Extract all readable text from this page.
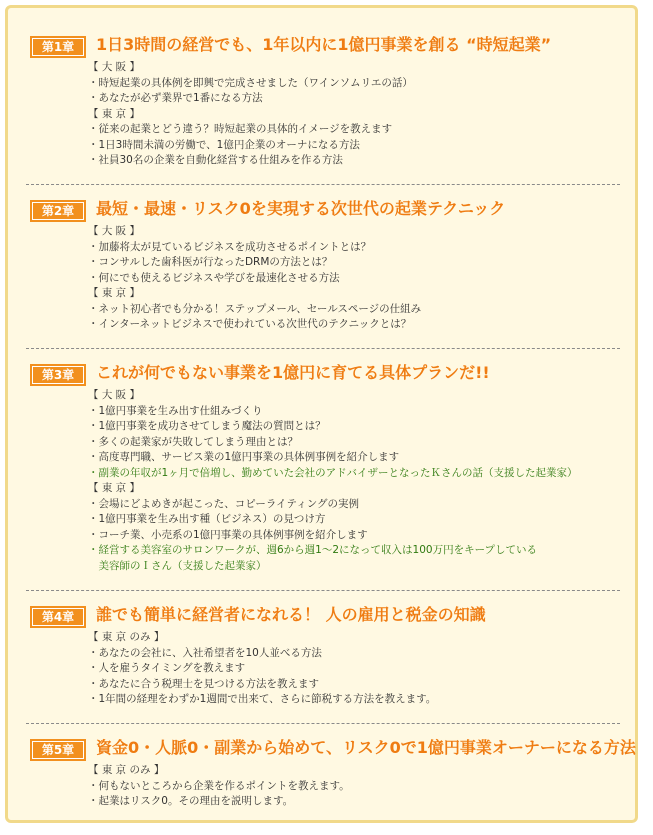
第1章	1日3時間の経営でも、1年以内に1億円事業を創る “時短起業”
【 大 阪 】
・時短起業の具体例を即興で完成させました（ワインソムリエの話）
・あなたが必ず業界で1番になる方法
【 東 京 】
・従来の起業とどう違う？時短起業の具体的イメージを教えます
・1日3時間未満の労働で、1億円企業のオーナになる方法
・社員30名の企業を自動化経営する仕組みを作る方法
第2章	最短・最速・リスク0を実現する次世代の起業テクニック
【 大 阪 】
・加藤将太が見ているビジネスを成功させるポイントとは？
・コンサルした歯科医が行なったDRMの方法とは？
・何にでも使えるビジネスや学びを最速化させる方法
【 東 京 】
・ネット初心者でも分かる！ステップメール、セールスページの仕組み
・インターネットビジネスで使われている次世代のテクニックとは？
第3章	これが何でもない事業を1億円に育てる具体プランだ!!
【 大 阪 】
・1億円事業を生み出す仕組みづくり
・1億円事業を成功させてしまう魔法の質問とは？
・多くの起業家が失敗してしまう理由とは？
・高度専門職、サービス業の1億円事業の具体例事例を紹介します
・副業の年収が1ヶ月で倍増し、勤めていた会社のアドバイザーとなったＫさんの話（支援した起業家）
【 東 京 】
・会場にどよめきが起こった、コピーライティングの実例
・1億円事業を生み出す種（ビジネス）の見つけ方
・コーチ業、小売系の1億円事業の具体例事例を紹介します
・経営する美容室のサロンワークが、週6から週1～2になって収入は100万円をキープしている
　美容師のＩさん（支援した起業家）
第4章	誰でも簡単に経営者になれる！ 人の雇用と税金の知識
【 東 京 のみ 】
・あなたの会社に、入社希望者を10人並べる方法
・人を雇うタイミングを教えます
・あなたに合う税理士を見つける方法を教えます
・1年間の経理をわずか1週間で出来て、さらに節税する方法を教えます。
第5章	資金0・人脈0・副業から始めて、リスク0で1億円事業オーナーになる方法
【 東 京 のみ 】
・何もないところから企業を作るポイントを教えます。
・起業はリスク0。その理由を説明します。
